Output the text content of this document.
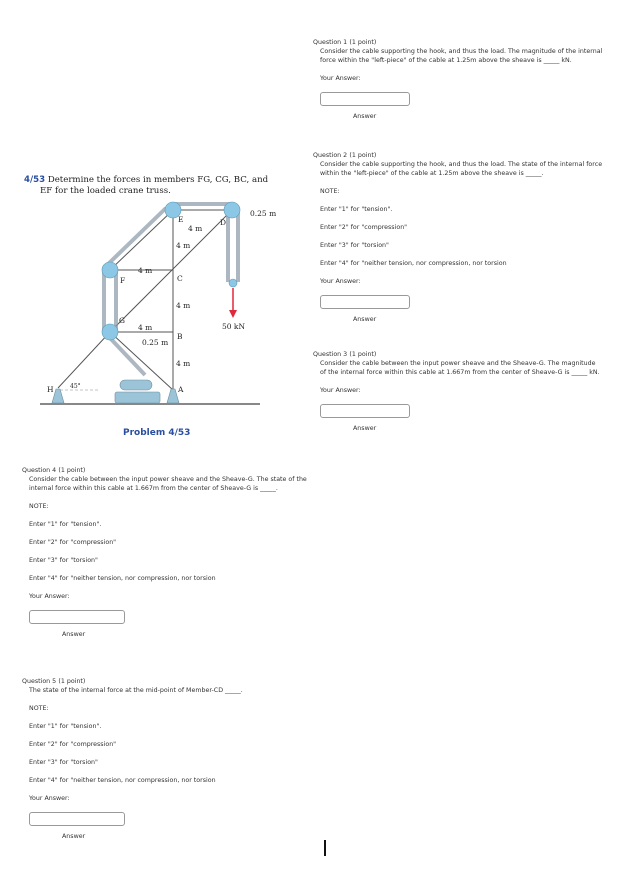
4/53 Determine the forces in members FG, CG, BC, and
EF for the loaded crane truss.
E	D
F
G
C
B
A
H
4 m
4 m
4 m
4 m
4 m
4 m
0.25 m
0.25 m
50 kN
45°
Problem 4/53
Question 1 (1 point)

Consider the cable supporting the hook, and thus the load. The magnitude of the internal force within the "left-piece" of the cable at 1.25m above the sheave is _____ kN.

Your Answer:

Answer
Question 2 (1 point)

Consider the cable supporting the hook, and thus the load. The state of the internal force within the "left-piece" of the cable at 1.25m above the sheave is _____.

NOTE:

Enter "1" for "tension".

Enter "2" for "compression"

Enter "3" for "torsion"

Enter "4" for "neither tension, nor compression, nor torsion

Your Answer:

Answer
Question 3 (1 point)

Consider the cable between the input power sheave and the Sheave-G. The magnitude of the internal force within this cable at 1.667m from the center of Sheave-G is _____ kN.

Your Answer:

Answer
Question 4 (1 point)

Consider the cable between the input power sheave and the Sheave-G. The state of the internal force within this cable at 1.667m from the center of Sheave-G is _____.

NOTE:

Enter "1" for "tension".

Enter "2" for "compression"

Enter "3" for "torsion"

Enter "4" for "neither tension, nor compression, nor torsion

Your Answer:

Answer
Question 5 (1 point)

The state of the internal force at the mid-point of Member-CD _____.

NOTE:

Enter "1" for "tension".

Enter "2" for "compression"

Enter "3" for "torsion"

Enter "4" for "neither tension, nor compression, nor torsion

Your Answer:

Answer
